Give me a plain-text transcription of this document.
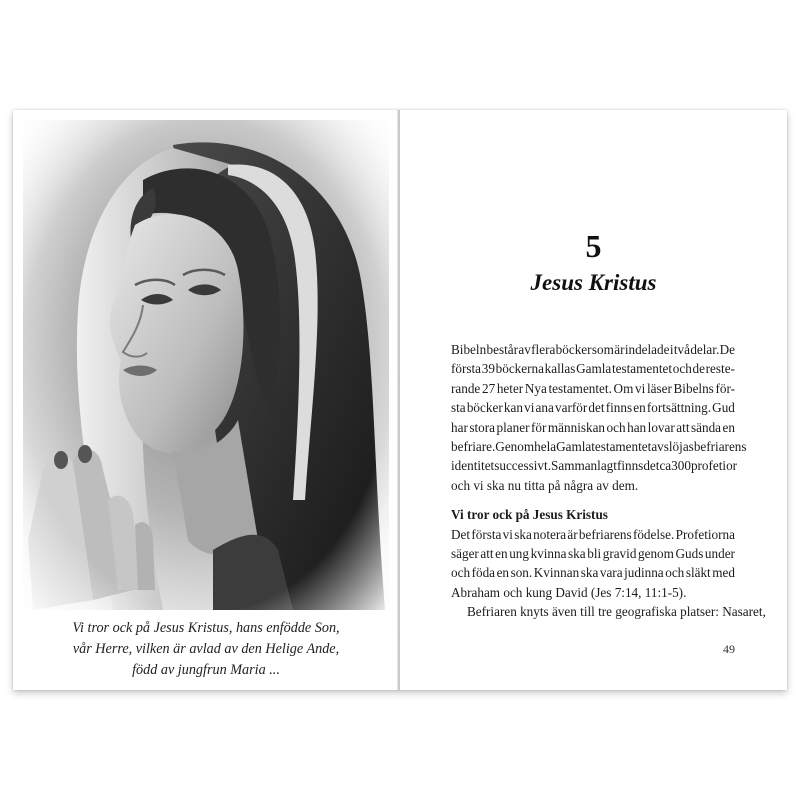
Vi tror ock på Jesus Kristus, hans enfödde Son,
vår Herre, vilken är avlad av den Helige Ande,
född av jungfrun Maria ...
5
Jesus Kristus
Bibeln består av flera böcker som är indelade i två delar. De
första 39 böckerna kallas Gamla testamentet och de reste-
rande 27 heter Nya testamentet. Om vi läser Bibelns för-
sta böcker kan vi ana varför det finns en fortsättning. Gud
har stora planer för människan och han lovar att sända en
befriare. Genom hela Gamla testamentet avslöjas befriarens
identitet successivt. Sammanlagt finns det ca 300 profetior
och vi ska nu titta på några av dem.
Vi tror ock på Jesus Kristus
Det första vi ska notera är befriarens födelse. Profetiorna
säger att en ung kvinna ska bli gravid genom Guds under
och föda en son. Kvinnan ska vara judinna och släkt med
Abraham och kung David (Jes 7:14, 11:1-5).
Befriaren knyts även till tre geografiska platser: Nasaret,
49
